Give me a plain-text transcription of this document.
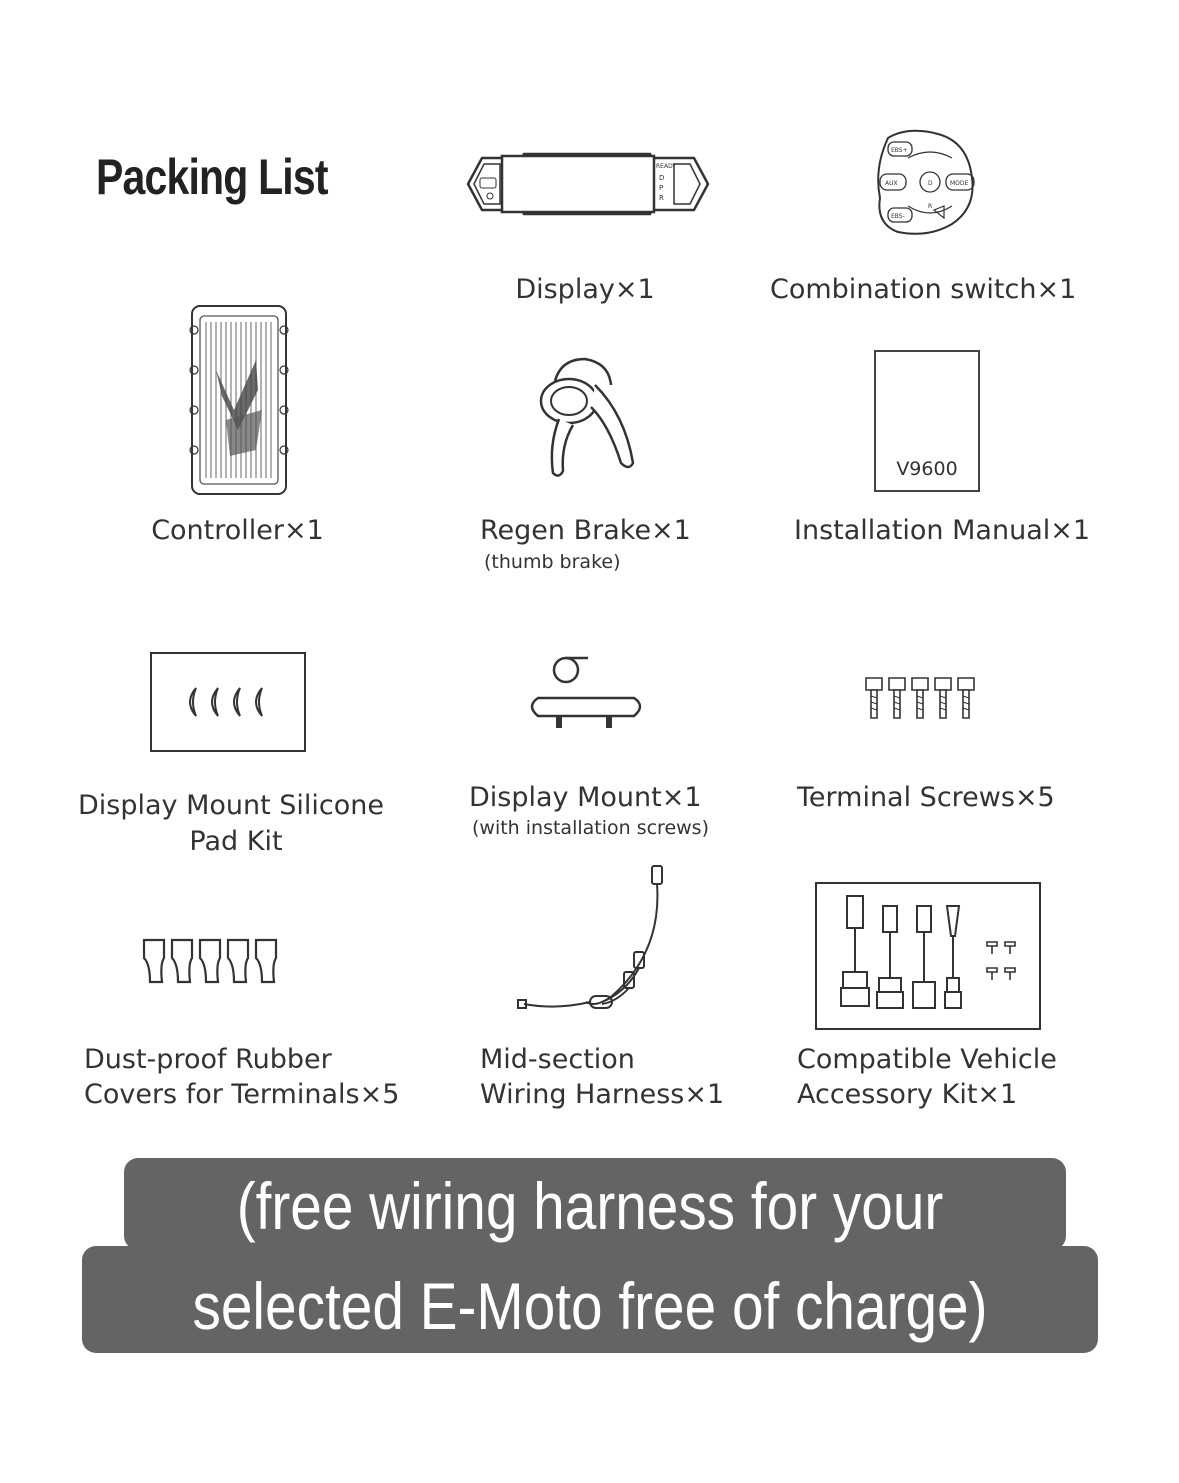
Packing List	READY
D
P
R
Display×1
EBS+
AUX	D	MODE
R
EBS-
Combination switch×1
Controller×1	Regen Brake×1
(thumb brake)
V9600
Installation Manual×1
Display Mount Silicone
Pad Kit
Display Mount×1
(with installation screws)
Terminal Screws×5
Dust-proof Rubber
Covers for Terminals×5
Mid-section
Wiring Harness×1
Compatible Vehicle
Accessory Kit×1
(free wiring harness for your
selected E-Moto free of charge)
